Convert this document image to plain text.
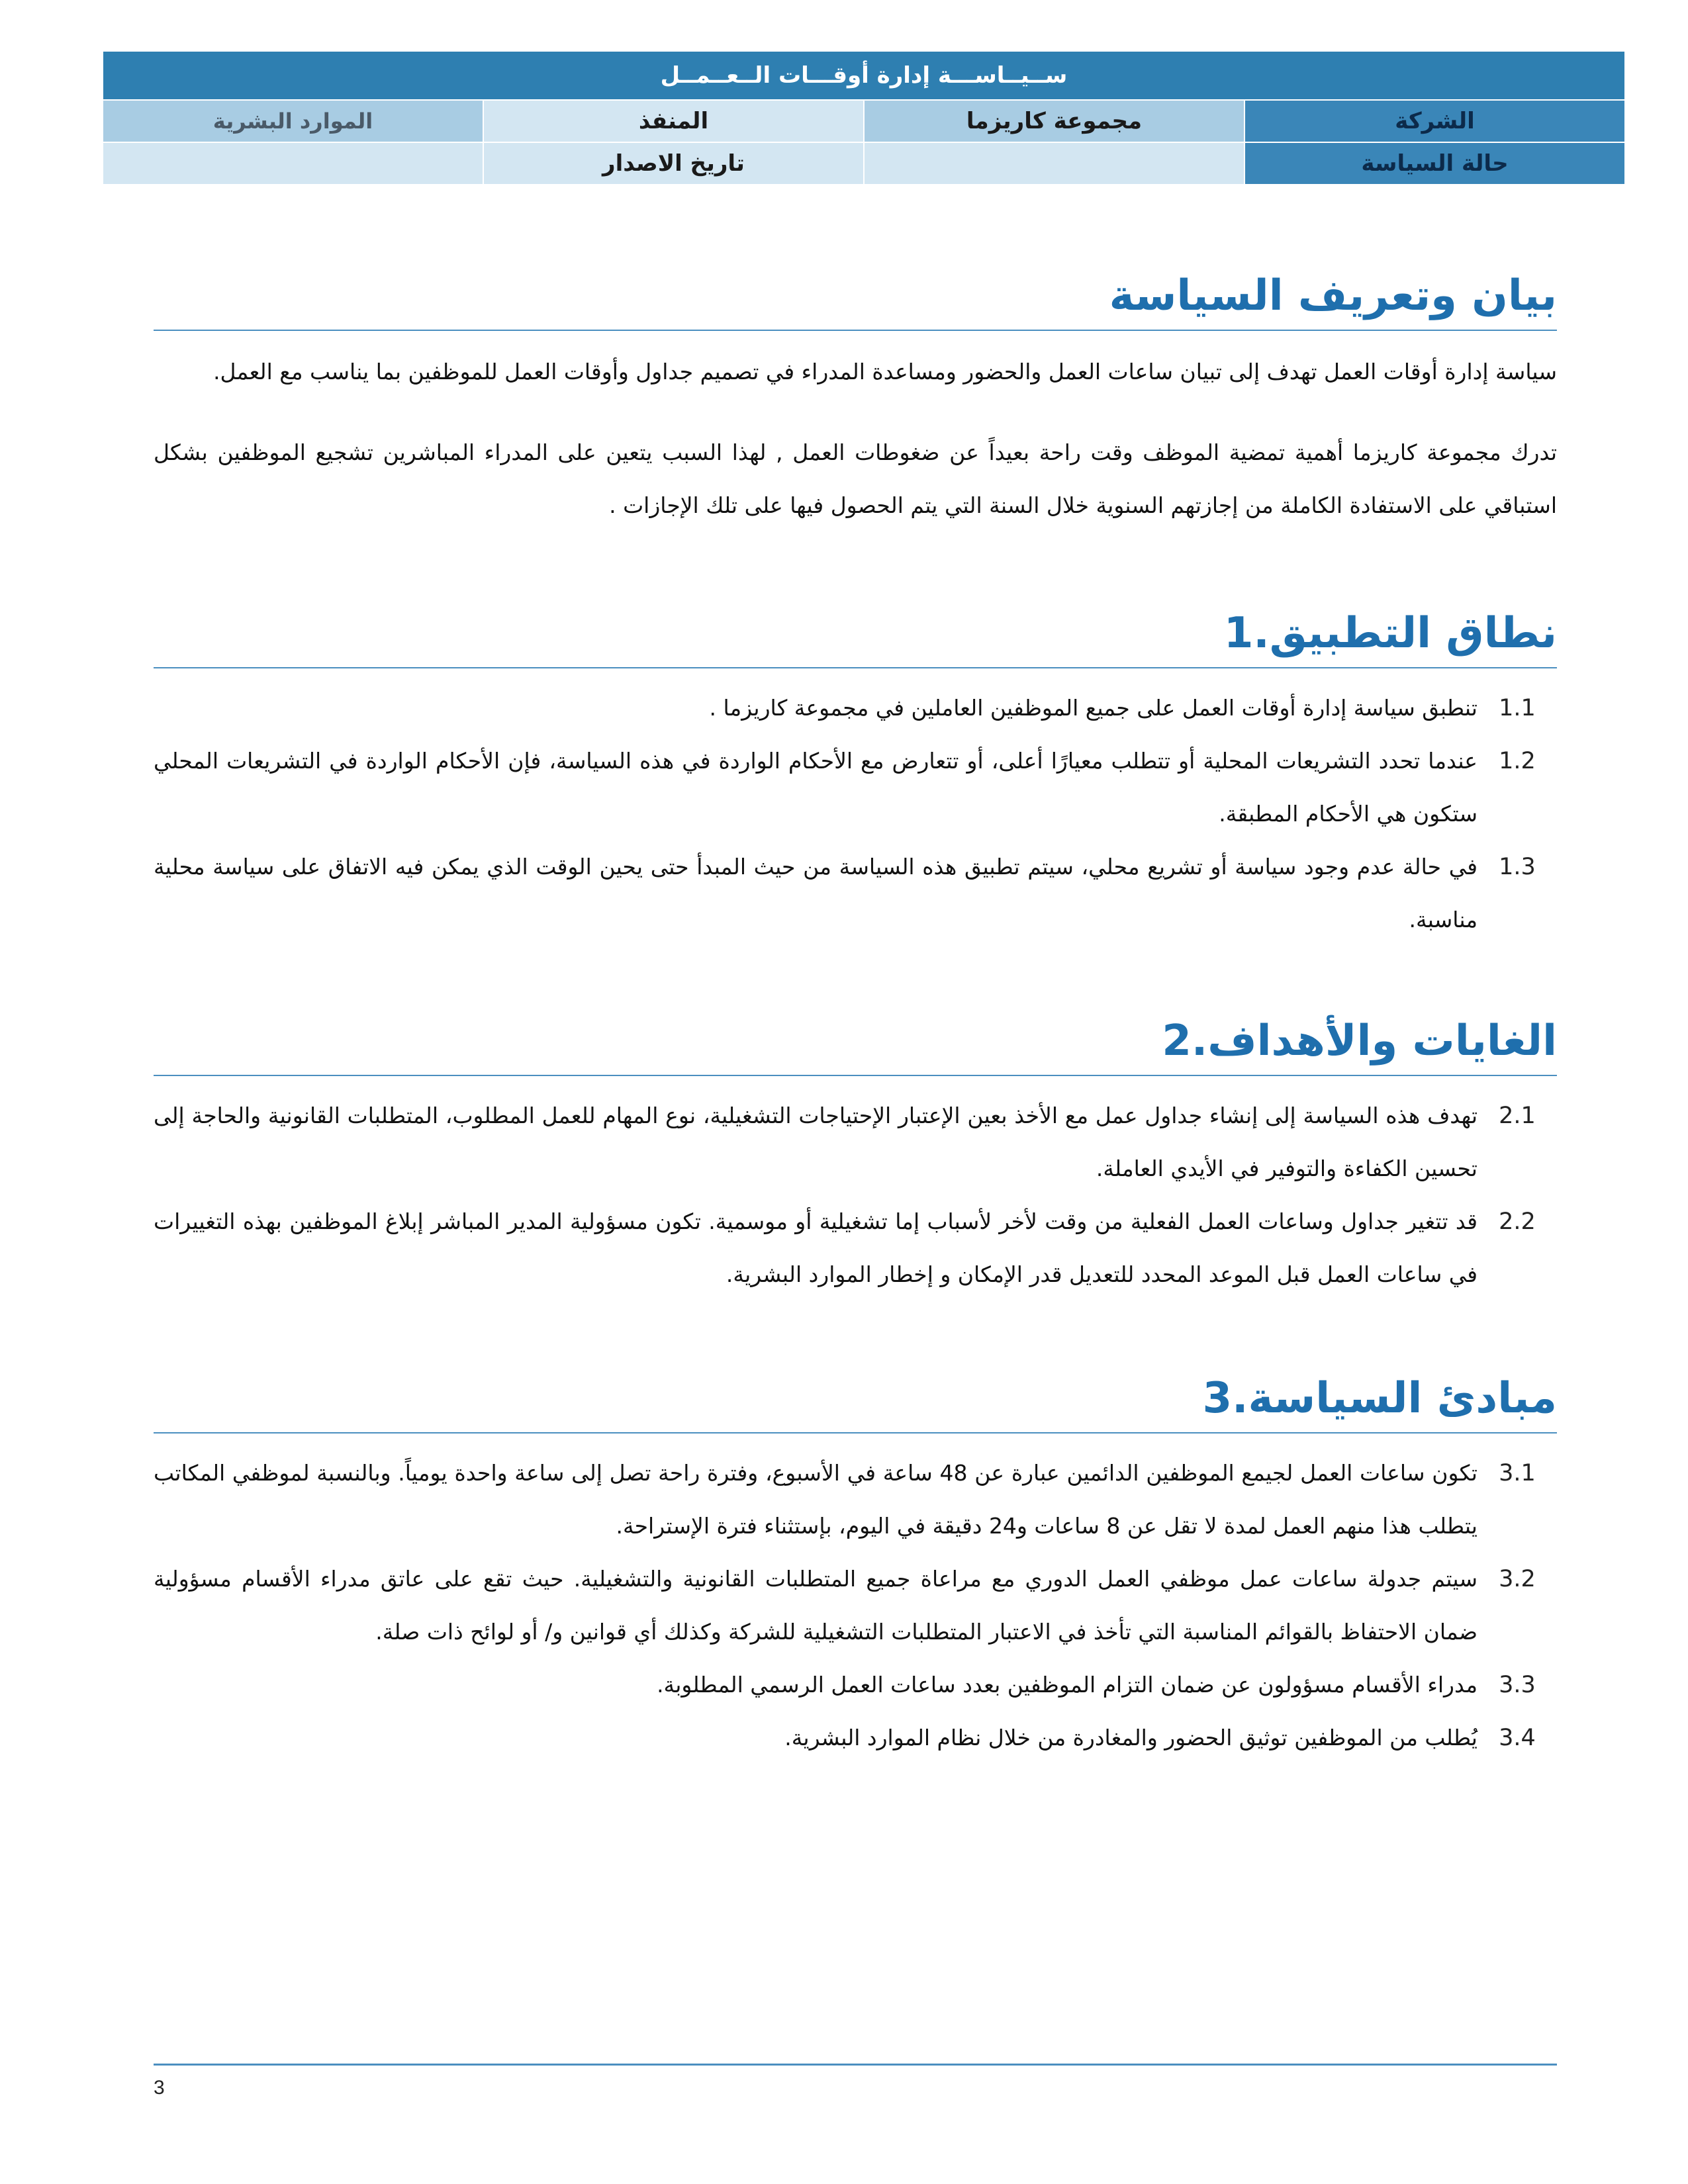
ســيــاســـة إدارة أوقـــات الــعــمــل			
الشركة	مجموعة كاريزما	المنفذ	الموارد البشرية
حالة السياسة		تاريخ الاصدار	
بيان وتعريف السياسة

سياسة إدارة أوقات العمل تهدف إلى تبيان ساعات العمل والحضور ومساعدة المدراء في تصميم جداول وأوقات العمل للموظفين بما يناسب مع العمل.

تدرك مجموعة كاريزما أهمية تمضية الموظف وقت راحة بعيداً عن ضغوطات العمل , لهذا السبب يتعين على المدراء المباشرين تشجيع الموظفين بشكل استباقي على الاستفادة الكاملة من إجازتهم السنوية خلال السنة التي يتم الحصول فيها على تلك الإجازات .

نطاق التطبيق.1
1.1
تنطبق سياسة إدارة أوقات العمل على جميع الموظفين العاملين في مجموعة كاريزما .
1.2
عندما تحدد التشريعات المحلية أو تتطلب معيارًا أعلى، أو تتعارض مع الأحكام الواردة في هذه السياسة، فإن الأحكام الواردة في التشريعات المحلي ستكون هي الأحكام المطبقة.
1.3
في حالة عدم وجود سياسة أو تشريع محلي، سيتم تطبيق هذه السياسة من حيث المبدأ حتى يحين الوقت الذي يمكن فيه الاتفاق على سياسة محلية مناسبة.
الغايات والأهداف.2
2.1
تهدف هذه السياسة إلى إنشاء جداول عمل مع الأخذ بعين الإعتبار الإحتياجات التشغيلية، نوع المهام للعمل المطلوب، المتطلبات القانونية والحاجة إلى تحسين الكفاءة والتوفير في الأيدي العاملة.
2.2
قد تتغير جداول وساعات العمل الفعلية من وقت لأخر لأسباب إما تشغيلية أو موسمية. تكون مسؤولية المدير المباشر إبلاغ الموظفين بهذه التغييرات في ساعات العمل قبل الموعد المحدد للتعديل قدر الإمكان و إخطار الموارد البشرية.
مبادئ السياسة.3
3.1
تكون ساعات العمل لجيمع الموظفين الدائمين عبارة عن 48 ساعة في الأسبوع، وفترة راحة تصل إلى ساعة واحدة يومياً. وبالنسبة لموظفي المكاتب يتطلب هذا منهم العمل لمدة لا تقل عن 8 ساعات و24 دقيقة في اليوم، بإستثناء فترة الإستراحة.
3.2
سيتم جدولة ساعات عمل موظفي العمل الدوري مع مراعاة جميع المتطلبات القانونية والتشغيلية. حيث تقع على عاتق مدراء الأقسام مسؤولية ضمان الاحتفاظ بالقوائم المناسبة التي تأخذ في الاعتبار المتطلبات التشغيلية للشركة وكذلك أي قوانين و/ أو لوائح ذات صلة.
3.3
مدراء الأقسام مسؤولون عن ضمان التزام الموظفين بعدد ساعات العمل الرسمي المطلوبة.
3.4
يُطلب من الموظفين توثيق الحضور والمغادرة من خلال نظام الموارد البشرية.
3
